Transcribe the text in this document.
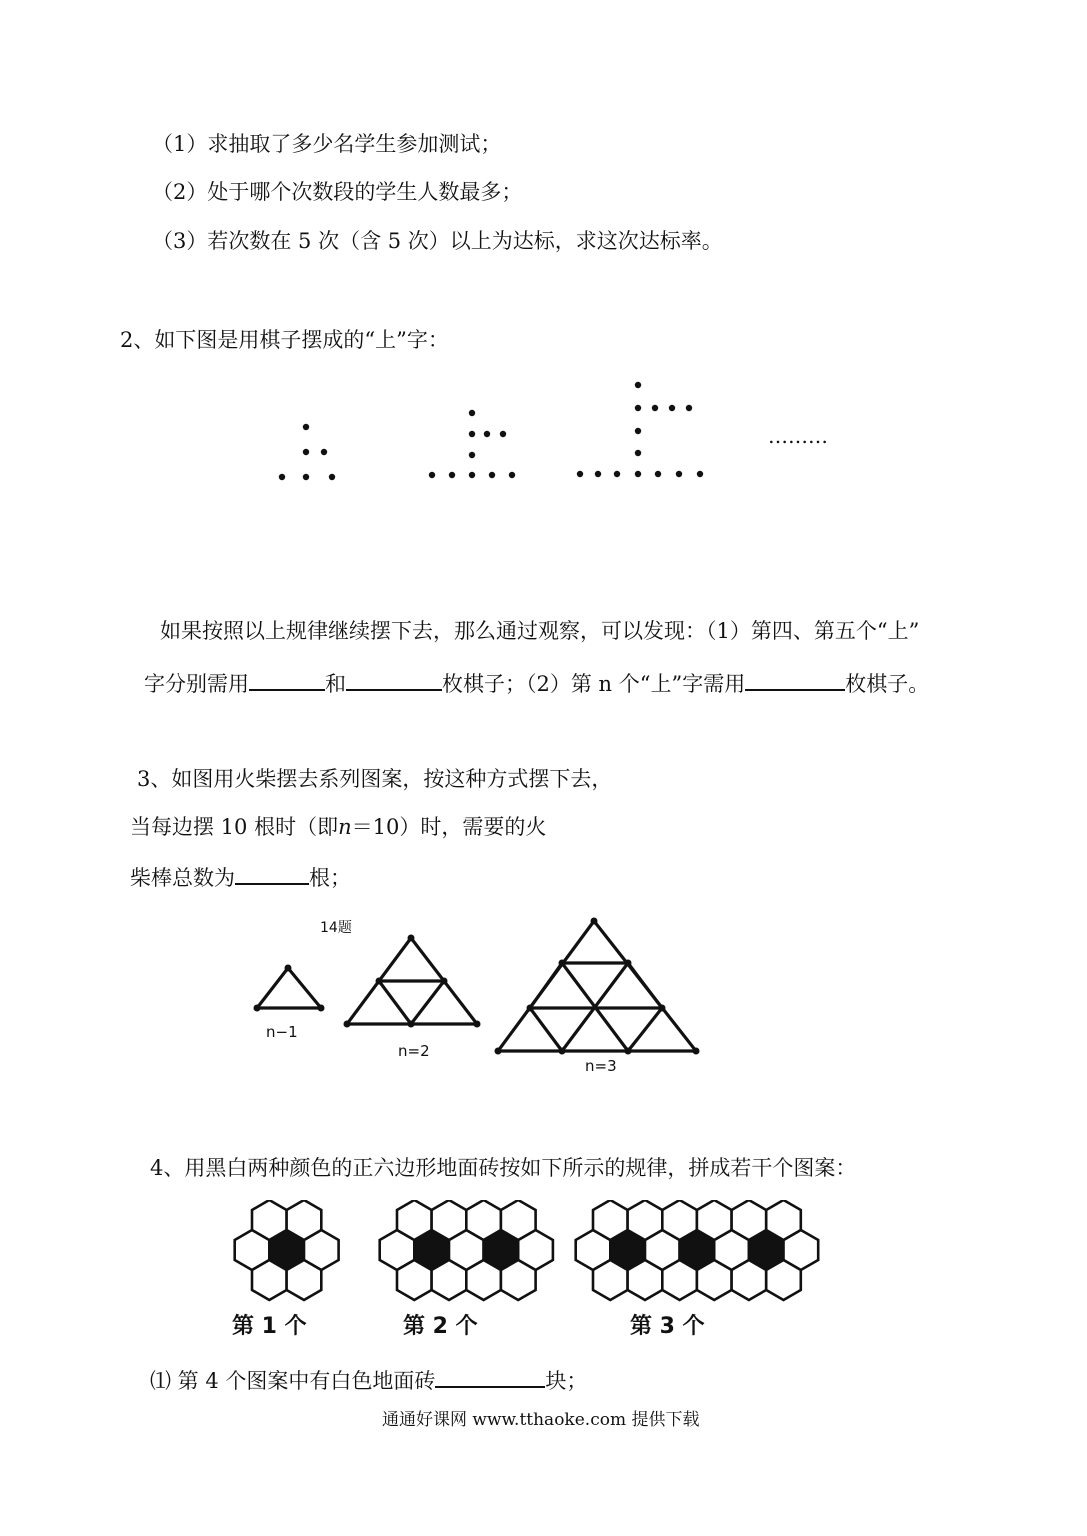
（1）求抽取了多少名学生参加测试；
（2）处于哪个次数段的学生人数最多；
（3）若次数在 5 次（含 5 次）以上为达标，求这次达标率。
2、如下图是用棋子摆成的“上”字：
………
如果按照以上规律继续摆下去，那么通过观察，可以发现：（1）第四、第五个“上”
字分别需用	和	枚棋子；（2）第 n 个“上”字需用	枚棋子。
3、如图用火柴摆去系列图案，按这种方式摆下去，
当每边摆 10 根时（即n＝10）时，需要的火
柴棒总数为	根；
14题
n−1
n=2
n=3
4、用黑白两种颜色的正六边形地面砖按如下所示的规律，拼成若干个图案：
第 1 个	第 2 个	第 3 个
⑴ 第 4 个图案中有白色地面砖	块；
通通好课网 www.tthaoke.com 提供下载
